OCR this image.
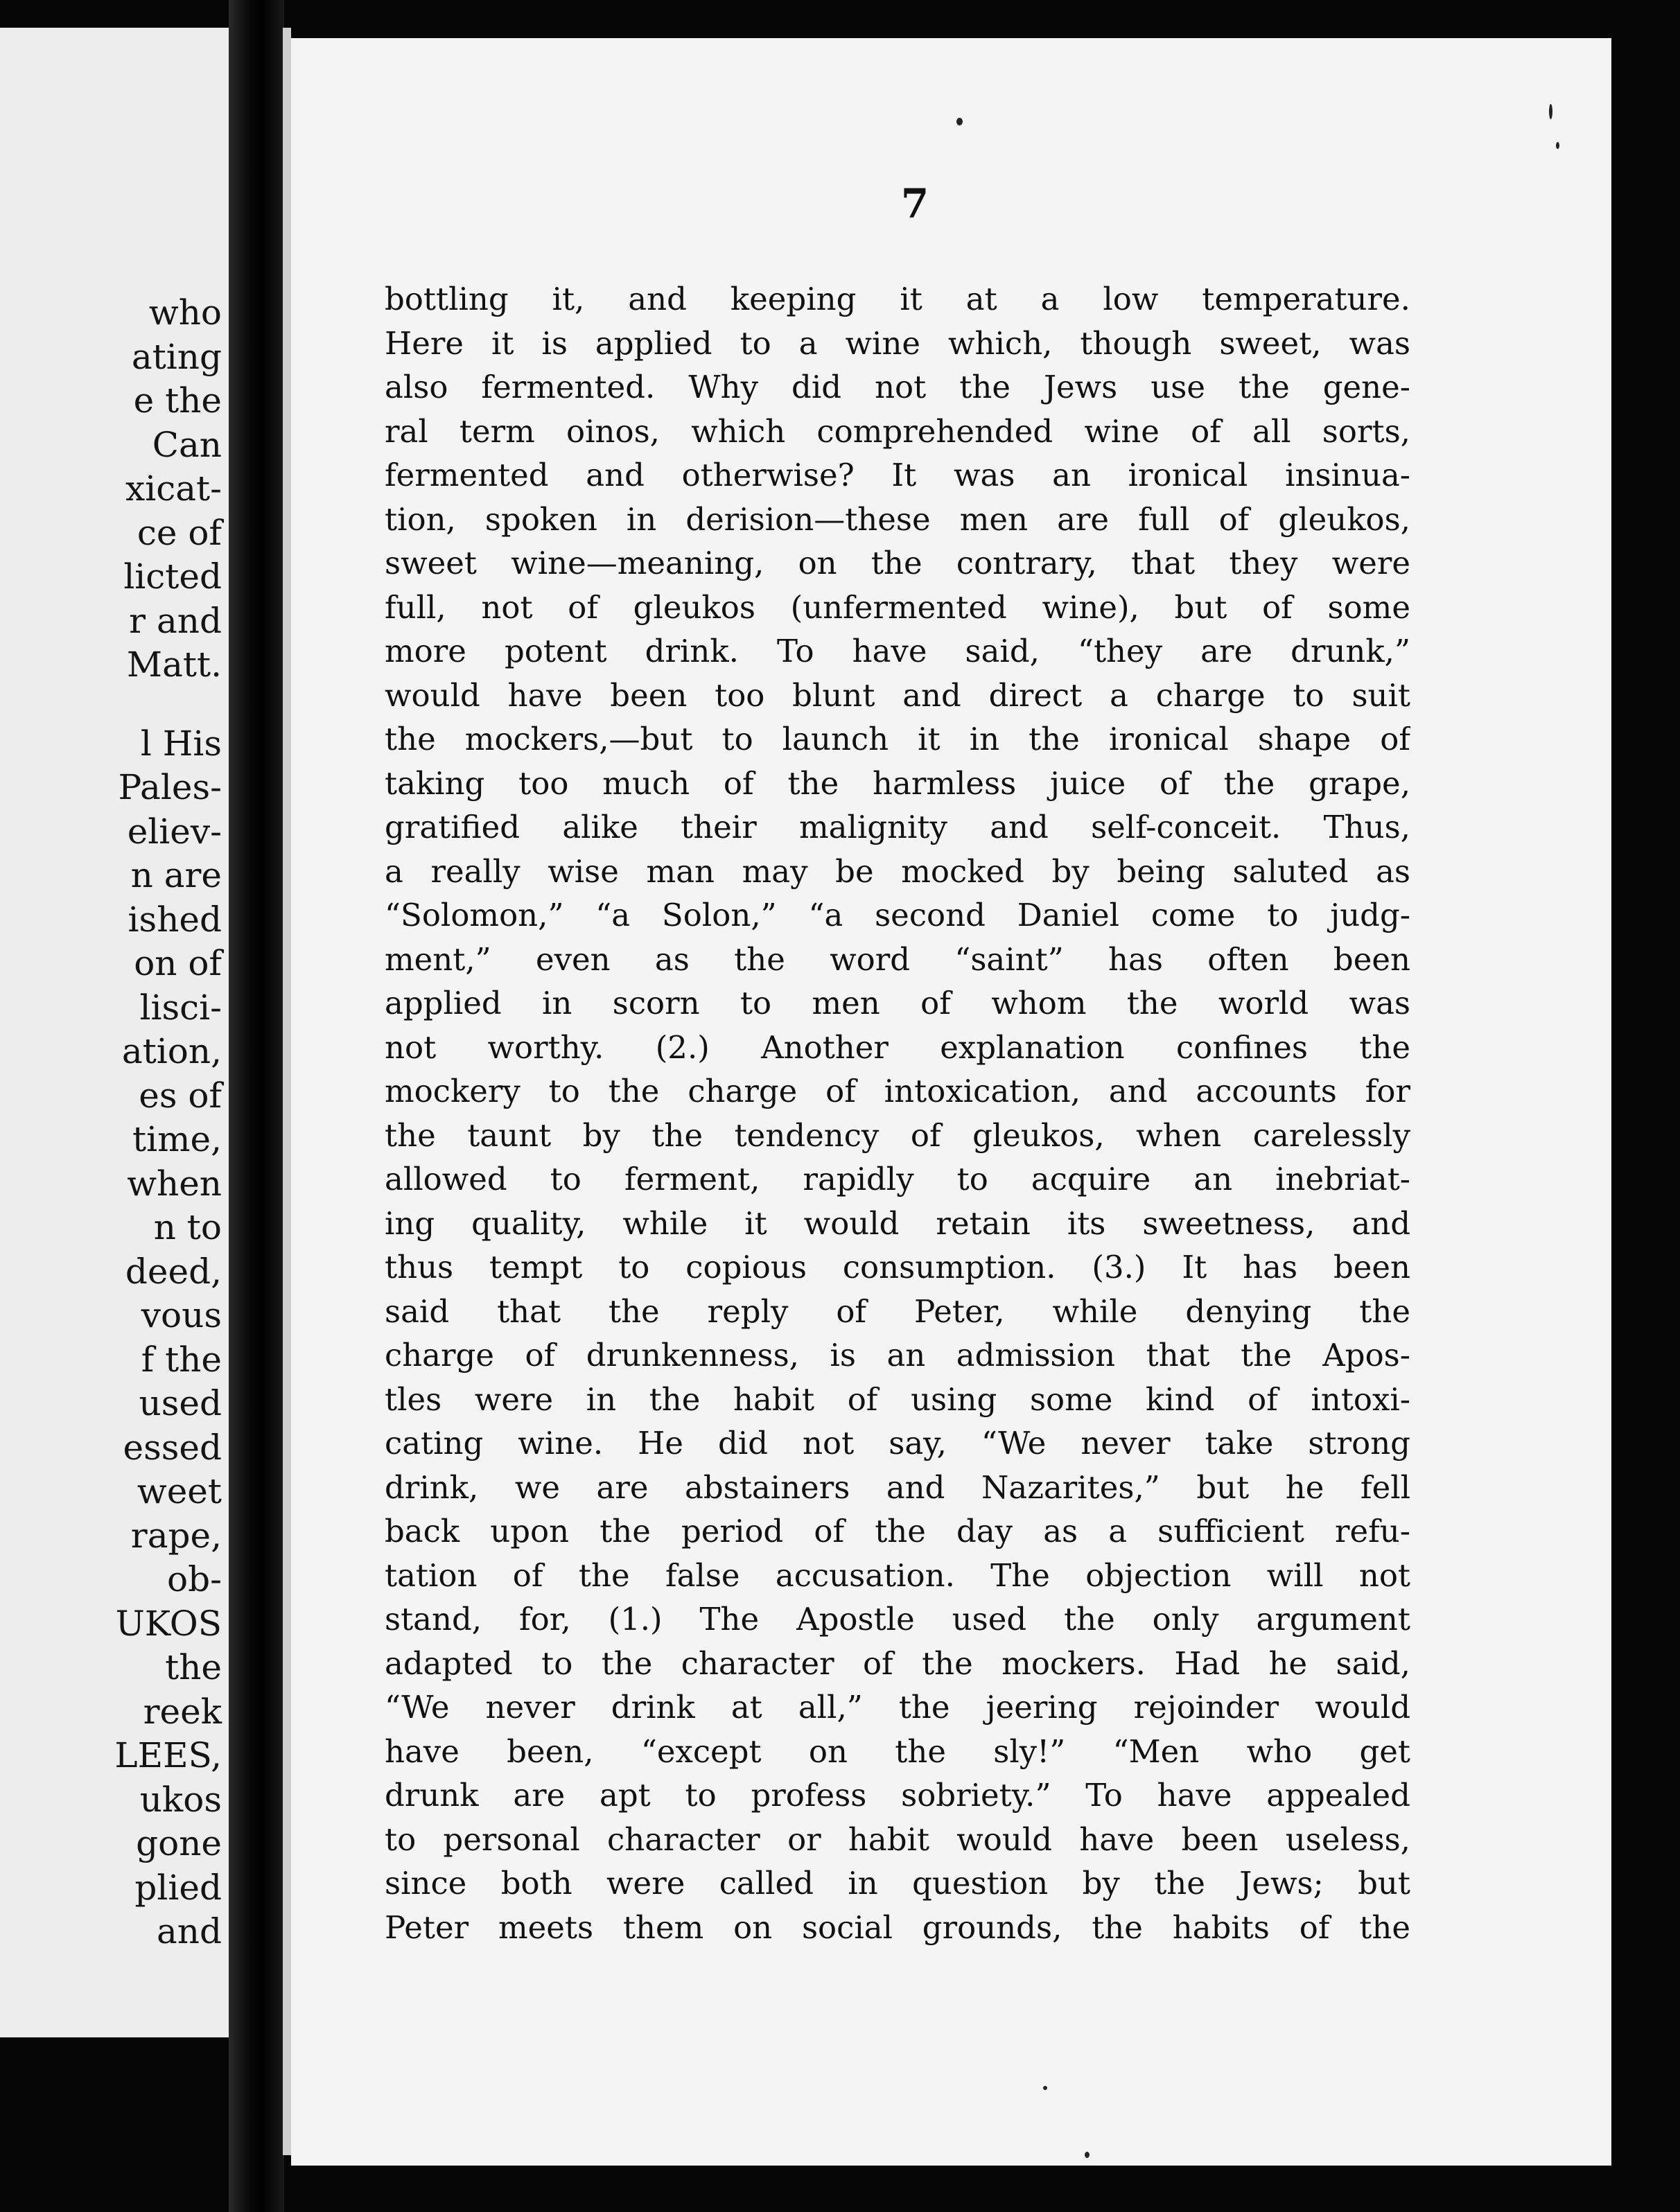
who
ating
e the
Can
xicat-
ce of
licted
r and
Matt.
l His
Pales-
eliev-
n are
ished
on of
lisci-
ation,
es of
time,
when
n to
deed,
vous
f the
used
essed
weet
rape,
ob-
UKOS
the
reek
LEES,
ukos
gone
plied
and
7
bottling it, and keeping it at a low temperature.
Here it is applied to a wine which, though sweet, was
also fermented. Why did not the Jews use the gene-
ral term oinos, which comprehended wine of all sorts,
fermented and otherwise? It was an ironical insinua-
tion, spoken in derision—these men are full of gleukos,
sweet wine—meaning, on the contrary, that they were
full, not of gleukos (unfermented wine), but of some
more potent drink. To have said, “they are drunk,”
would have been too blunt and direct a charge to suit
the mockers,—but to launch it in the ironical shape of
taking too much of the harmless juice of the grape,
gratified alike their malignity and self-conceit. Thus,
a really wise man may be mocked by being saluted as
“Solomon,” “a Solon,” “a second Daniel come to judg-
ment,” even as the word “saint” has often been
applied in scorn to men of whom the world was
not worthy. (2.) Another explanation confines the
mockery to the charge of intoxication, and accounts for
the taunt by the tendency of gleukos, when carelessly
allowed to ferment, rapidly to acquire an inebriat-
ing quality, while it would retain its sweetness, and
thus tempt to copious consumption. (3.) It has been
said that the reply of Peter, while denying the
charge of drunkenness, is an admission that the Apos-
tles were in the habit of using some kind of intoxi-
cating wine. He did not say, “We never take strong
drink, we are abstainers and Nazarites,” but he fell
back upon the period of the day as a sufficient refu-
tation of the false accusation. The objection will not
stand, for, (1.) The Apostle used the only argument
adapted to the character of the mockers. Had he said,
“We never drink at all,” the jeering rejoinder would
have been, “except on the sly!” “Men who get
drunk are apt to profess sobriety.” To have appealed
to personal character or habit would have been useless,
since both were called in question by the Jews; but
Peter meets them on social grounds, the habits of the
